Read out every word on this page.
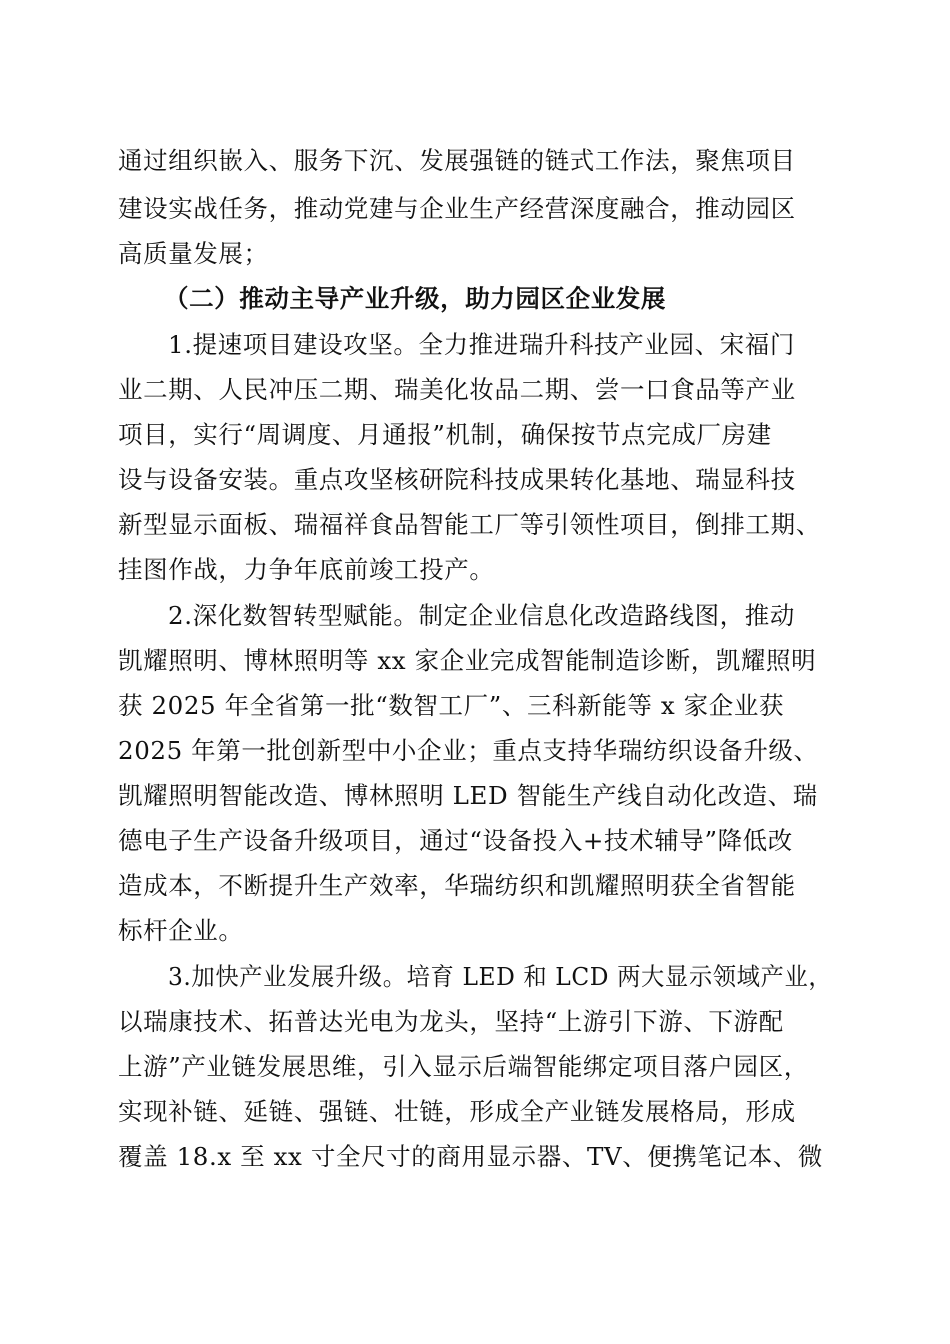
通过组织嵌入、服务下沉、发展强链的链式工作法，聚焦项目

建设实战任务，推动党建与企业生产经营深度融合，推动园区

高质量发展；

（二）推动主导产业升级，助力园区企业发展

1.提速项目建设攻坚。全力推进瑞升科技产业园、宋福门

业二期、人民冲压二期、瑞美化妆品二期、尝一口食品等产业

项目，实行“周调度、月通报”机制，确保按节点完成厂房建

设与设备安装。重点攻坚核研院科技成果转化基地、瑞显科技

新型显示面板、瑞福祥食品智能工厂等引领性项目，倒排工期、

挂图作战，力争年底前竣工投产。

2.深化数智转型赋能。制定企业信息化改造路线图，推动

凯耀照明、博林照明等 xx 家企业完成智能制造诊断，凯耀照明

获 2025 年全省第一批“数智工厂”、三科新能等 x 家企业获

2025 年第一批创新型中小企业；重点支持华瑞纺织设备升级、

凯耀照明智能改造、博林照明 LED 智能生产线自动化改造、瑞

德电子生产设备升级项目，通过“设备投入+技术辅导”降低改

造成本，不断提升生产效率，华瑞纺织和凯耀照明获全省智能

标杆企业。

3.加快产业发展升级。培育 LED 和 LCD 两大显示领域产业，

以瑞康技术、拓普达光电为龙头，坚持“上游引下游、下游配

上游”产业链发展思维，引入显示后端智能绑定项目落户园区，

实现补链、延链、强链、壮链，形成全产业链发展格局，形成

覆盖 18.x 至 xx 寸全尺寸的商用显示器、TV、便携笔记本、微
